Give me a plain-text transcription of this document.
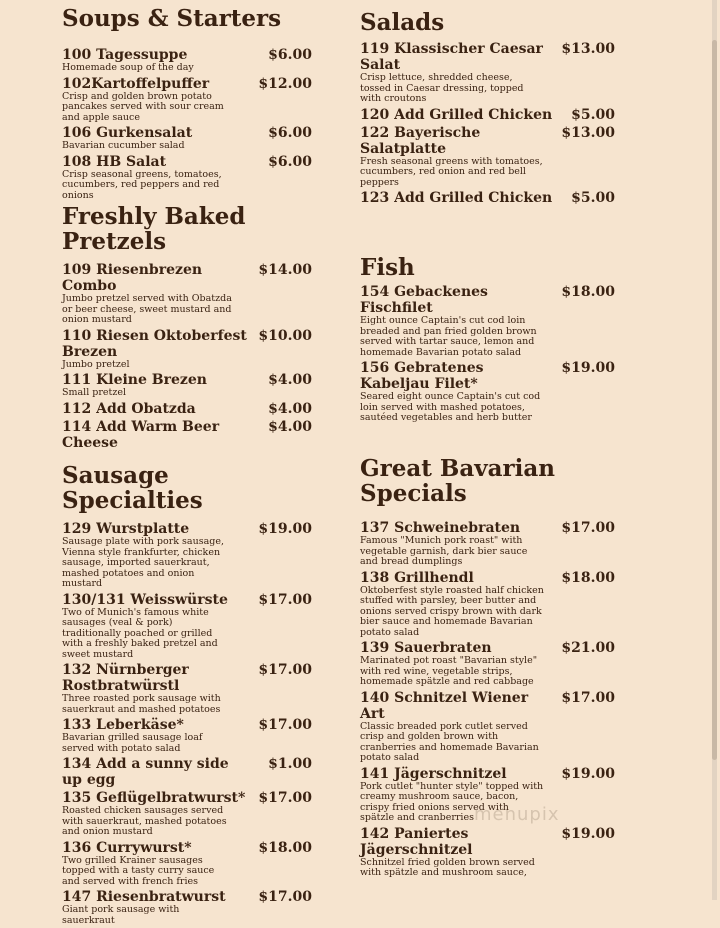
Soups & Starters
100 Tagessuppe	$6.00
Homemade soup of the day
102Kartoffelpuffer	$12.00
Crisp and golden brown potato pancakes served with sour cream and apple sauce
106 Gurkensalat	$6.00
Bavarian cucumber salad
108 HB Salat	$6.00
Crisp seasonal greens, tomatoes, cucumbers, red peppers and red onions
Freshly Baked Pretzels
109 Riesenbrezen Combo
$14.00
Jumbo pretzel served with Obatzda or beer cheese, sweet mustard and onion mustard
110 Riesen Oktoberfest Brezen
$10.00
Jumbo pretzel
111 Kleine Brezen	$4.00
Small pretzel
112 Add Obatzda	$4.00
114 Add Warm Beer Cheese
$4.00
Sausage Specialties
129 Wurstplatte	$19.00
Sausage plate with pork sausage, Vienna style frankfurter, chicken sausage, imported sauerkraut, mashed potatoes and onion mustard
130/131 Weisswürste	$17.00
Two of Munich's famous white sausages (veal & pork) traditionally poached or grilled with a freshly baked pretzel and sweet mustard
132 Nürnberger Rostbratwürstl
$17.00
Three roasted pork sausage with sauerkraut and mashed potatoes
133 Leberkäse*	$17.00
Bavarian grilled sausage loaf served with potato salad
134 Add a sunny side up egg
$1.00
135 Geflügelbratwurst* $17.00
Roasted chicken sausages served with sauerkraut, mashed potatoes and onion mustard
136 Currywurst*	$18.00
Two grilled Krainer sausages topped with a tasty curry sauce and served with french fries
147 Riesenbratwurst	$17.00
Giant pork sausage with sauerkraut
Salads
119 Klassischer Caesar Salat
$13.00
Crisp lettuce, shredded cheese, tossed in Caesar dressing, topped with croutons
120 Add Grilled Chicken	$5.00
122 Bayerische Salatplatte
$13.00
Fresh seasonal greens with tomatoes, cucumbers, red onion and red bell peppers
123 Add Grilled Chicken	$5.00
Fish
154 Gebackenes Fischfilet
$18.00
Eight ounce Captain's cut cod loin breaded and pan fried golden brown served with tartar sauce, lemon and homemade Bavarian potato salad
156 Gebratenes Kabeljau Filet*
$19.00
Seared eight ounce Captain's cut cod loin served with mashed potatoes, sautéed vegetables and herb butter
Great Bavarian Specials
137 Schweinebraten	$17.00
Famous "Munich pork roast" with vegetable garnish, dark bier sauce and bread dumplings
138 Grillhendl	$18.00
Oktoberfest style roasted half chicken stuffed with parsley, beer butter and onions served crispy brown with dark bier sauce and homemade Bavarian potato salad
139 Sauerbraten	$21.00
Marinated pot roast "Bavarian style" with red wine, vegetable strips, homemade spätzle and red cabbage
140 Schnitzel Wiener Art
$17.00
Classic breaded pork cutlet served crisp and golden brown with cranberries and homemade Bavarian potato salad
141 Jägerschnitzel	$19.00
Pork cutlet "hunter style" topped with creamy mushroom sauce, bacon, crispy fried onions served with spätzle and cranberries
142 Paniertes Jägerschnitzel
$19.00
Schnitzel fried golden brown served with spätzle and mushroom sauce,
menupix
